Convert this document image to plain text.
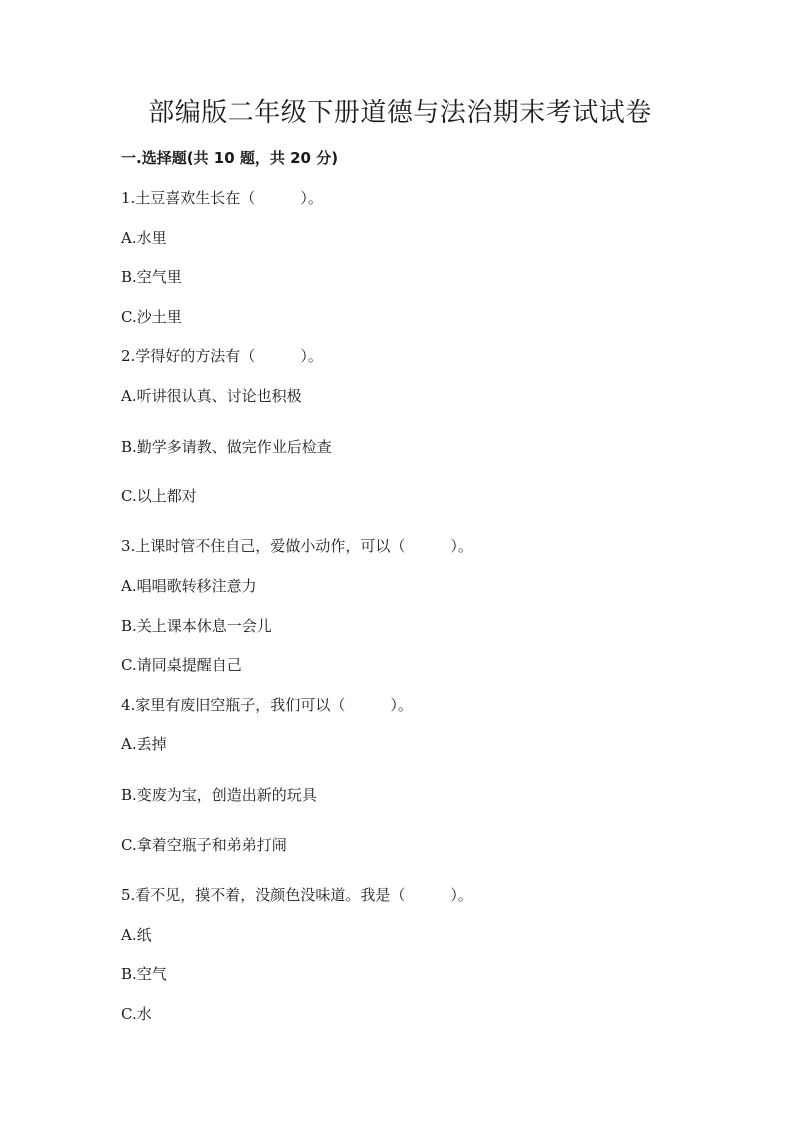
部编版二年级下册道德与法治期末考试试卷
一.选择题(共 10 题，共 20 分)
1.土豆喜欢生长在（　　　）。
A.水里
B.空气里
C.沙土里
2.学得好的方法有（　　　）。
A.听讲很认真、讨论也积极
B.勤学多请教、做完作业后检查
C.以上都对
3.上课时管不住自己，爱做小动作，可以（　　　）。
A.唱唱歌转移注意力
B.关上课本休息一会儿
C.请同桌提醒自己
4.家里有废旧空瓶子，我们可以（　　　）。
A.丢掉
B.变废为宝，创造出新的玩具
C.拿着空瓶子和弟弟打闹
5.看不见，摸不着，没颜色没味道。我是（　　　）。
A.纸
B.空气
C.水
